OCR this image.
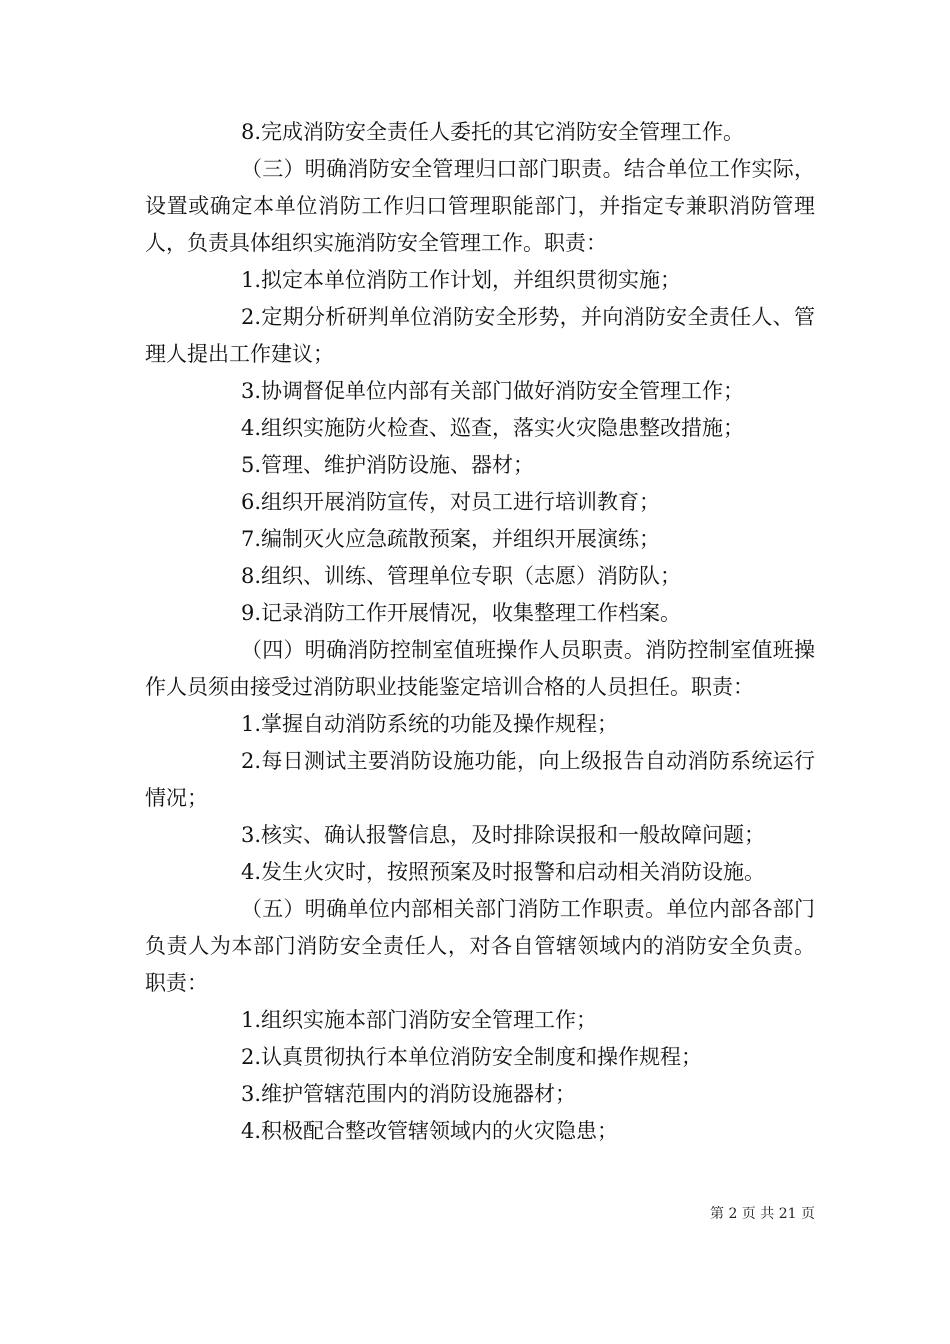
8.完成消防安全责任人委托的其它消防安全管理工作。

（三）明确消防安全管理归口部门职责。结合单位工作实际，设置或确定本单位消防工作归口管理职能部门，并指定专兼职消防管理人，负责具体组织实施消防安全管理工作。职责：

1.拟定本单位消防工作计划，并组织贯彻实施；

2.定期分析研判单位消防安全形势，并向消防安全责任人、管理人提出工作建议；

3.协调督促单位内部有关部门做好消防安全管理工作；

4.组织实施防火检查、巡查，落实火灾隐患整改措施；

5.管理、维护消防设施、器材；

6.组织开展消防宣传，对员工进行培训教育；

7.编制灭火应急疏散预案，并组织开展演练；

8.组织、训练、管理单位专职（志愿）消防队；

9.记录消防工作开展情况，收集整理工作档案。

（四）明确消防控制室值班操作人员职责。消防控制室值班操作人员须由接受过消防职业技能鉴定培训合格的人员担任。职责：

1.掌握自动消防系统的功能及操作规程；

2.每日测试主要消防设施功能，向上级报告自动消防系统运行情况；

3.核实、确认报警信息，及时排除误报和一般故障问题；

4.发生火灾时，按照预案及时报警和启动相关消防设施。

（五）明确单位内部相关部门消防工作职责。单位内部各部门负责人为本部门消防安全责任人，对各自管辖领域内的消防安全负责。职责：

1.组织实施本部门消防安全管理工作；

2.认真贯彻执行本单位消防安全制度和操作规程；

3.维护管辖范围内的消防设施器材；

4.积极配合整改管辖领域内的火灾隐患；

第 2 页 共 21 页
